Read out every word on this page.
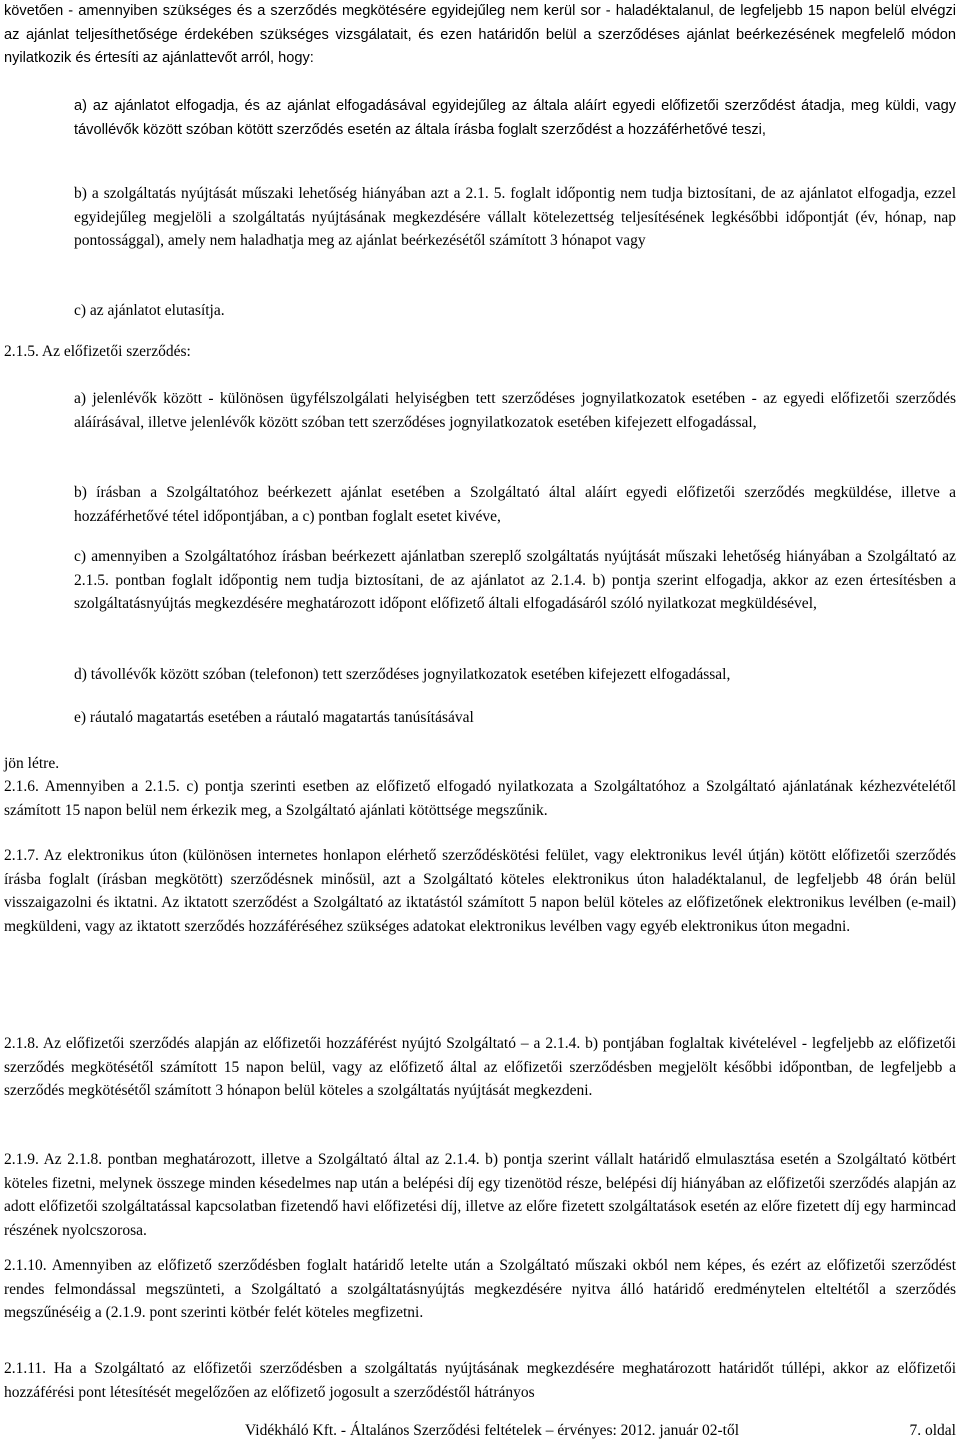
követően - amennyiben szükséges és a szerződés megkötésére egyidejűleg nem kerül sor - haladéktalanul, de legfeljebb 15 napon belül elvégzi az ajánlat teljesíthetősége érdekében szükséges vizsgálatait, és ezen határidőn belül a szerződéses ajánlat beérkezésének megfelelő módon nyilatkozik és értesíti az ajánlattevőt arról, hogy:

a) az ajánlatot elfogadja, és az ajánlat elfogadásával egyidejűleg az általa aláírt egyedi előfizetői szerződést átadja, meg küldi, vagy távollévők között szóban kötött szerződés esetén az általa írásba foglalt szerződést a hozzáférhetővé teszi,

b) a szolgáltatás nyújtását műszaki lehetőség hiányában azt a 2.1. 5. foglalt időpontig nem tudja biztosítani, de az ajánlatot elfogadja, ezzel egyidejűleg megjelöli a szolgáltatás nyújtásának megkezdésére vállalt kötelezettség teljesítésének legkésőbbi időpontját (év, hónap, nap pontossággal), amely nem haladhatja meg az ajánlat beérkezésétől számított 3 hónapot vagy

c) az ajánlatot elutasítja.

2.1.5. Az előfizetői szerződés:

a) jelenlévők között - különösen ügyfélszolgálati helyiségben tett szerződéses jognyilatkozatok esetében - az egyedi előfizetői szerződés aláírásával, illetve jelenlévők között szóban tett szerződéses jognyilatkozatok esetében kifejezett elfogadással,

b) írásban a Szolgáltatóhoz beérkezett ajánlat esetében a Szolgáltató által aláírt egyedi előfizetői szerződés megküldése, illetve a hozzáférhetővé tétel időpontjában, a c) pontban foglalt esetet kivéve,

c) amennyiben a Szolgáltatóhoz írásban beérkezett ajánlatban szereplő szolgáltatás nyújtását műszaki lehetőség hiányában a Szolgáltató az 2.1.5. pontban foglalt időpontig nem tudja biztosítani, de az ajánlatot az 2.1.4. b) pontja szerint elfogadja, akkor az ezen értesítésben a szolgáltatásnyújtás megkezdésére meghatározott időpont előfizető általi elfogadásáról szóló nyilatkozat megküldésével,

d) távollévők között szóban (telefonon) tett szerződéses jognyilatkozatok esetében kifejezett elfogadással,

e) ráutaló magatartás esetében a ráutaló magatartás tanúsításával

jön létre.

2.1.6. Amennyiben a 2.1.5. c) pontja szerinti esetben az előfizető elfogadó nyilatkozata a Szolgáltatóhoz a Szolgáltató ajánlatának kézhezvételétől számított 15 napon belül nem érkezik meg, a Szolgáltató ajánlati kötöttsége megszűnik.

2.1.7. Az elektronikus úton (különösen internetes honlapon elérhető szerződéskötési felület, vagy elektronikus levél útján) kötött előfizetői szerződés írásba foglalt (írásban megkötött) szerződésnek minősül, azt a Szolgáltató köteles elektronikus úton haladéktalanul, de legfeljebb 48 órán belül visszaigazolni és iktatni. Az iktatott szerződést a Szolgáltató az iktatástól számított 5 napon belül köteles az előfizetőnek elektronikus levélben (e-mail) megküldeni, vagy az iktatott szerződés hozzáféréséhez szükséges adatokat elektronikus levélben vagy egyéb elektronikus úton megadni.

2.1.8. Az előfizetői szerződés alapján az előfizetői hozzáférést nyújtó Szolgáltató – a 2.1.4. b) pontjában foglaltak kivételével - legfeljebb az előfizetői szerződés megkötésétől számított 15 napon belül, vagy az előfizető által az előfizetői szerződésben megjelölt későbbi időpontban, de legfeljebb a szerződés megkötésétől számított 3 hónapon belül köteles a szolgáltatás nyújtását megkezdeni.

2.1.9. Az 2.1.8. pontban meghatározott, illetve a Szolgáltató által az 2.1.4. b) pontja szerint vállalt határidő elmulasztása esetén a Szolgáltató kötbért köteles fizetni, melynek összege minden késedelmes nap után a belépési díj egy tizenötöd része, belépési díj hiányában az előfizetői szerződés alapján az adott előfizetői szolgáltatással kapcsolatban fizetendő havi előfizetési díj, illetve az előre fizetett szolgáltatások esetén az előre fizetett díj egy harmincad részének nyolcszorosa.

2.1.10. Amennyiben az előfizető szerződésben foglalt határidő letelte után a Szolgáltató műszaki okból nem képes, és ezért az előfizetői szerződést rendes felmondással megszünteti, a Szolgáltató a szolgáltatásnyújtás megkezdésére nyitva álló határidő eredménytelen elteltétől a szerződés megszűnéséig a (2.1.9. pont szerinti kötbér felét köteles megfizetni.

2.1.11. Ha a Szolgáltató az előfizetői szerződésben a szolgáltatás nyújtásának megkezdésére meghatározott határidőt túllépi, akkor az előfizetői hozzáférési pont létesítését megelőzően az előfizető jogosult a szerződéstől hátrányos

Vidékháló Kft. - Általános Szerződési feltételek – érvényes: 2012. január 02-től	7. oldal
